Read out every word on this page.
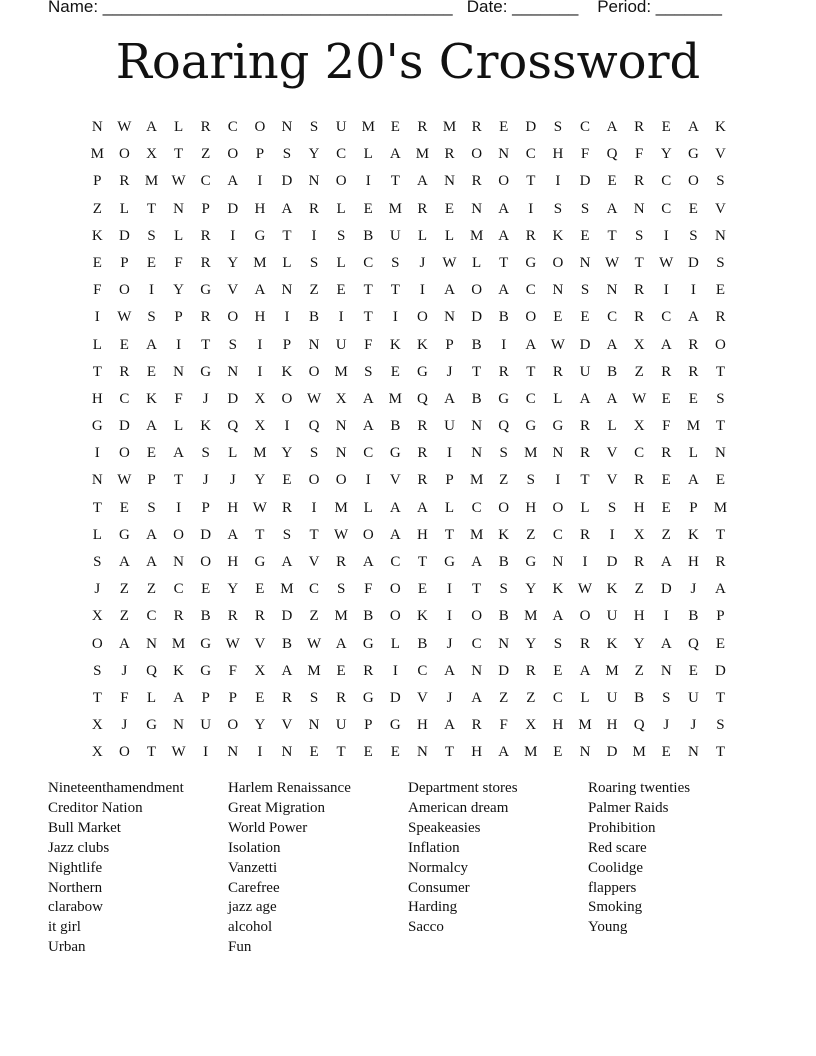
Name: _____________________________________   Date: _______    Period: _______
Roaring 20's Crossword
N W A	L	R	C	O	N	S	U M	E	R M R	E	D	S	C	A	R	E	A	K
M O	X	T	Z	O	P	S	Y	C	L	A M R	O	N	C	H	F	Q	F	Y	G	V
P	R M W C	A	I	D	N	O	I	T	A	N	R	O	T	I	D	E	R	C	O	S
Z	L	T	N	P	D	H	A	R	L	E	M R	E	N	A	I	S	S	A	N	C	E	V
K	D	S	L	R	I	G	T	I	S	B	U	L	L	M A	R	K	E	T	S	I	S	N
E	P	E	F	R	Y M	L	S	L	C	S	J	W L	T	G	O	N W T W D	S
F	O	I	Y	G	V	A	N	Z	E	T	T	I	A	O	A	C	N	S	N	R	I	I	E
I	W	S	P	R	O	H	I	B	I	T	I	O	N	D	B	O	E	E	C	R	C	A	R
L	E	A	I	T	S	I	P	N	U	F	K	K	P	B	I	A W D	A	X	A	R	O
T	R	E	N	G	N	I	K	O M	S	E	G	J	T	R	T	R	U	B	Z	R	R	T
H	C	K	F	J	D	X	O W X	A M Q	A	B	G	C	L	A	A W E	E	S
G	D	A	L	K	Q	X	I	Q	N	A	B	R	U	N	Q	G	G	R	L	X	F	M	T
I	O	E	A	S	L	M Y	S	N	C	G	R	I	N	S	M N	R	V	C	R	L	N
N W	P	T	J	J	Y	E	O	O	I	V	R	P	M	Z	S	I	T	V	R	E	A	E
T	E	S	I	P	H W R	I	M	L	A	A	L	C	O	H	O	L	S	H	E	P	M
L	G	A	O	D	A	T	S	T W O	A	H	T	M K	Z	C	R	I	X	Z	K	T
S	A	A	N	O	H	G	A	V	R	A	C	T	G	A	B	G	N	I	D	R	A	H	R
J	Z	Z	C	E	Y	E	M C	S	F	O	E	I	T	S	Y	K W K	Z	D	J	A
X	Z	C	R	B	R	R	D	Z	M B	O	K	I	O	B M A	O	U	H	I	B	P
O	A	N M G W V	B W A	G	L	B	J	C	N	Y	S	R	K	Y	A	Q	E
S	J	Q	K	G	F	X	A M	E	R	I	C	A	N	D	R	E	A M	Z	N	E	D
T	F	L	A	P	P	E	R	S	R	G	D	V	J	A	Z	Z	C	L	U	B	S	U	T
X	J	G	N	U	O	Y	V	N	U	P	G	H	A	R	F	X	H M H	Q	J	J	S
X	O	T W	I	N	I	N	E	T	E	E	N	T	H	A M	E	N	D M	E	N	T
Nineteenthamendment
Creditor Nation
Bull Market
Jazz clubs
Nightlife
Northern
clarabow
it girl
Urban
Harlem Renaissance
Great Migration
World Power
Isolation
Vanzetti
Carefree
jazz age
alcohol
Fun
Department stores
American dream
Speakeasies
Inflation
Normalcy
Consumer
Harding
Sacco
Roaring twenties
Palmer Raids
Prohibition
Red scare
Coolidge
flappers
Smoking
Young
